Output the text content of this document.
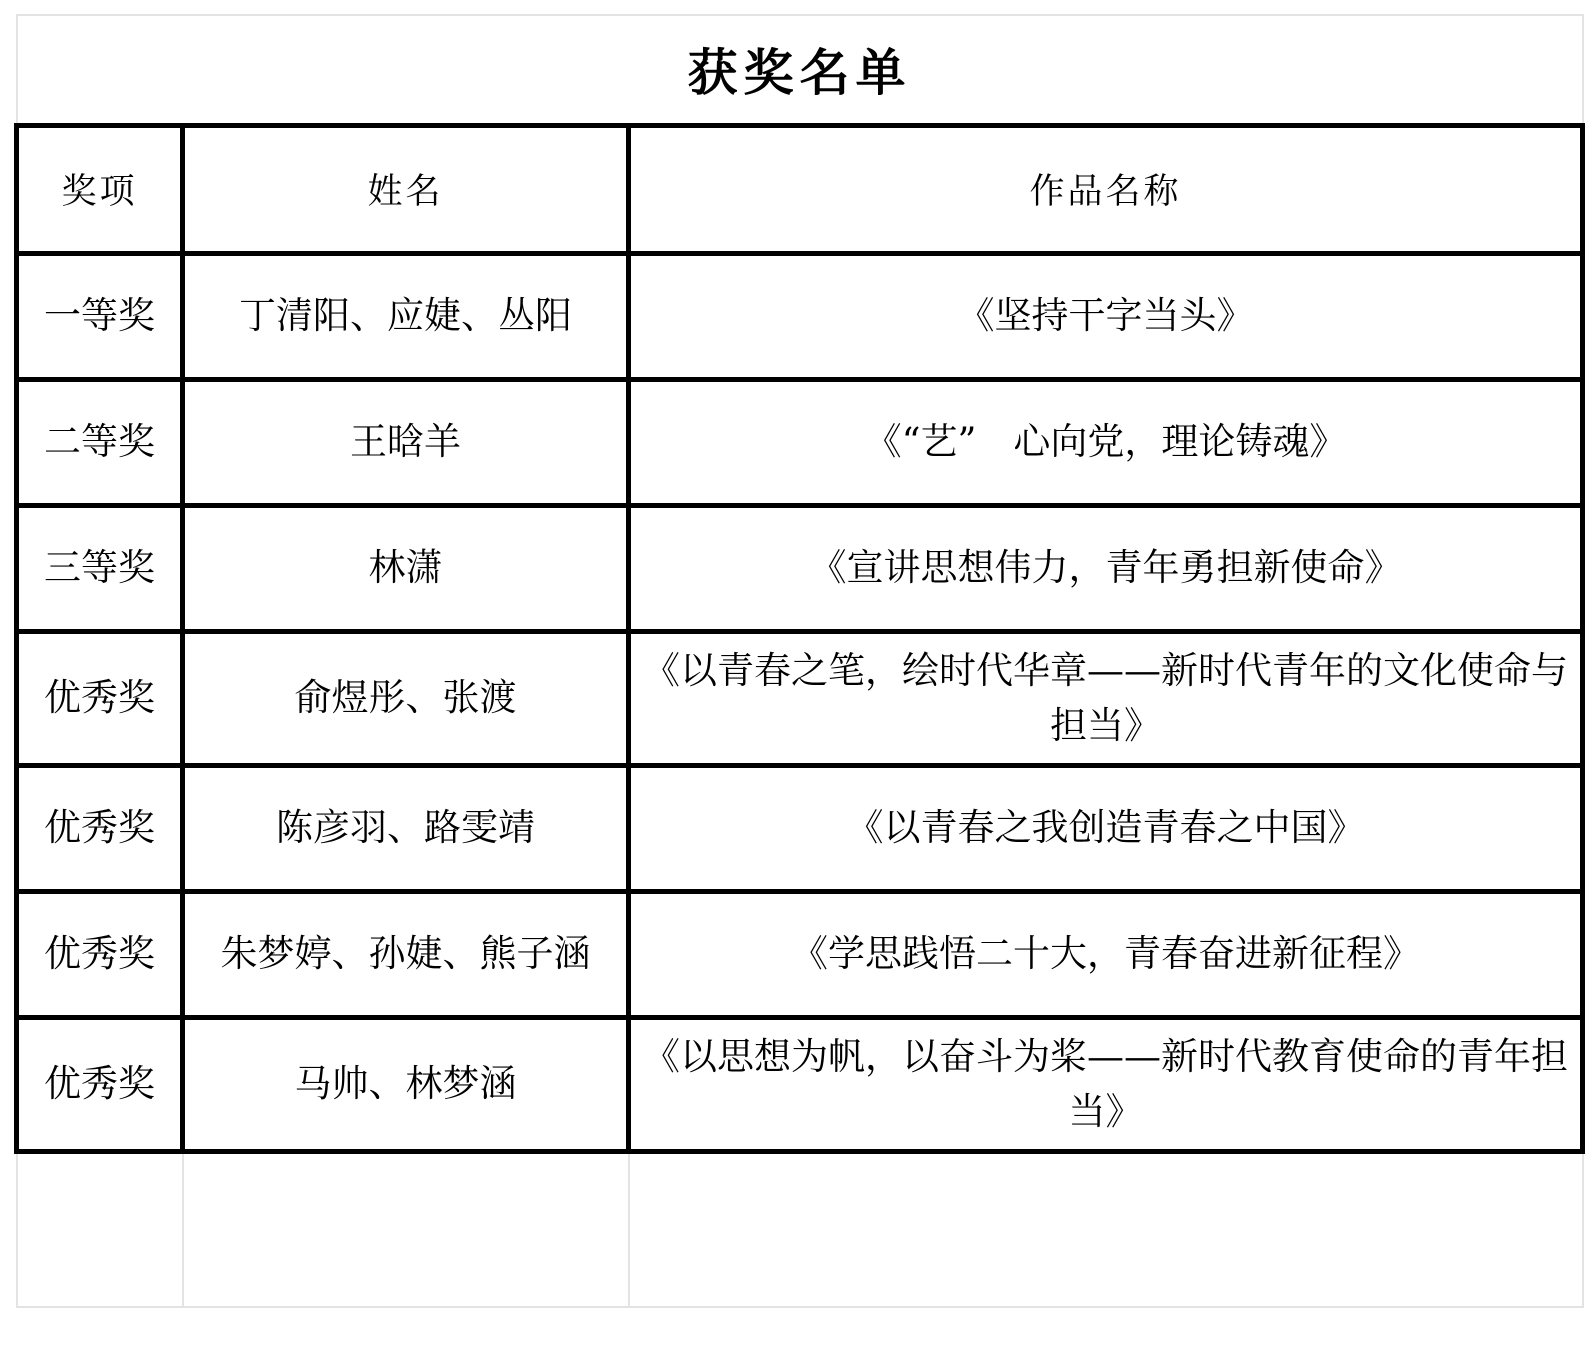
获奖名单		
奖项	姓名	作品名称
一等奖	丁清阳、应婕、丛阳	《坚持干字当头》
二等奖	王晗羊	《“艺”　心向党，理论铸魂》
三等奖	林潇	《宣讲思想伟力，青年勇担新使命》
优秀奖	俞煜彤、张渡	《以青春之笔，绘时代华章——新时代青年的文化使命与担当》
优秀奖	陈彦羽、路雯靖	《以青春之我创造青春之中国》
优秀奖	朱梦婷、孙婕、熊子涵	《学思践悟二十大，青春奋进新征程》
优秀奖	马帅、林梦涵	《以思想为帆，以奋斗为桨——新时代教育使命的青年担当》
